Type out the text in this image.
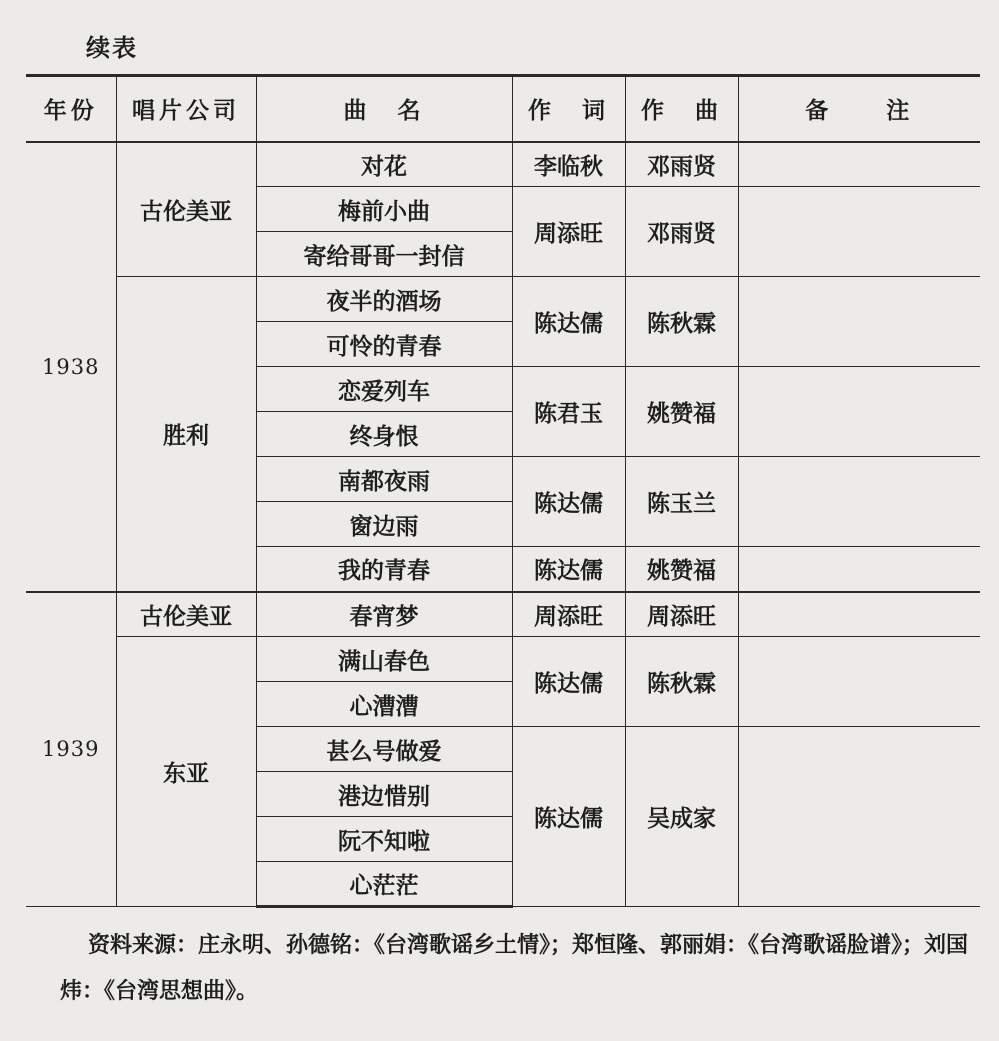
续表
年份	唱片公司	曲　名	作　词	作　曲	备　　注
1938	古伦美亚	对花	李临秋	邓雨贤	
		梅前小曲	周添旺	邓雨贤	
		寄给哥哥一封信			
	胜利	夜半的酒场	陈达儒	陈秋霖	
		可怜的青春			
		恋爱列车	陈君玉	姚赞福	
		终身恨			
		南都夜雨	陈达儒	陈玉兰	
		窗边雨			
		我的青春	陈达儒	姚赞福	
1939	古伦美亚	春宵梦	周添旺	周添旺	
	东亚	满山春色	陈达儒	陈秋霖	
		心漕漕			
		甚么号做爱	陈达儒	吴成家	
		港边惜别			
		阮不知啦			
		心茫茫			
资料来源：庄永明、孙德铭：《台湾歌谣乡土情》；郑恒隆、郭丽娟：《台湾歌谣脸谱》；刘国炜：《台湾思想曲》。
